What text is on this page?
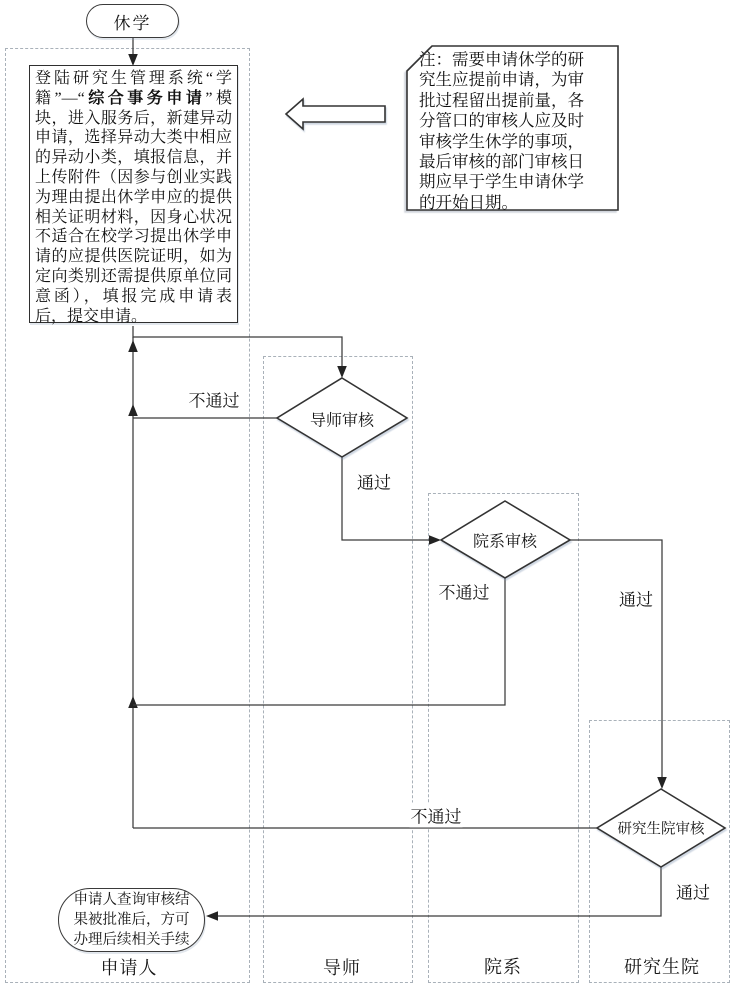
休学
登陆研究生管理系统“学籍”—“综合事务申请”模块，进入服务后，新建异动申请，选择异动大类中相应的异动小类，填报信息，并上传附件（因参与创业实践为理由提出休学申应的提供相关证明材料，因身心状况不适合在校学习提出休学申请的应提供医院证明，如为定向类别还需提供原单位同意函），填报完成申请表后，提交申请。
注：需要申请休学的研究生应提前申请，为审批过程留出提前量，各分管口的审核人应及时审核学生休学的事项，最后审核的部门审核日期应早于学生申请休学的开始日期。
导师审核
院系审核
研究生院审核
不通过
通过
不通过	通过
不通过
通过
申请人查询审核结果被批准后，方可办理后续相关手续
申请人	导师	院系	研究生院
